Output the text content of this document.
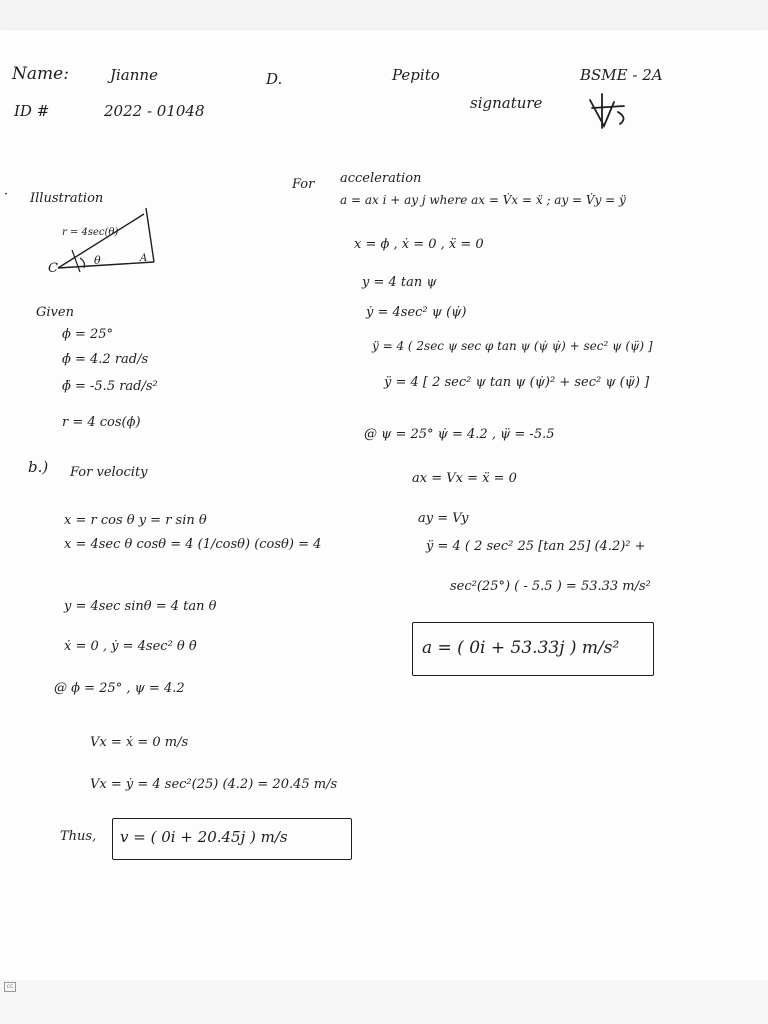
Name:	Jianne	D.	Pepito	BSME - 2A
ID #	2022 - 01048	signature
· Illustration
r = 4sec(θ)
C
θ	A
Given
ϕ = 25°
ϕ̇ = 4.2 rad/s
ϕ̈ = -5.5 rad/s²
r = 4 cos(ϕ)
b.) For velocity
x = r cos θ y = r sin θ
x = 4sec θ cosθ = 4 (1/cosθ) (cosθ) = 4
y = 4sec sinθ = 4 tan θ
ẋ = 0 , ẏ = 4sec² θ θ̇
@ ϕ = 25° , ψ = 4.2
Vx = ẋ = 0 m/s
Vx = ẏ = 4 sec²(25) (4.2) = 20.45 m/s
Thus, v = ( 0i + 20.45j ) m/s
For acceleration
a = ax i + ay j where ax = V̇x = ẍ ; ay = V̇y = ÿ
x = ϕ , ẋ = 0 , ẍ = 0
y = 4 tan ψ
ẏ = 4sec² ψ (ψ̇)
ÿ = 4 ( 2sec ψ sec φ tan ψ (ψ̇ ψ̇) + sec² ψ (ψ̈) ]
ÿ = 4 [ 2 sec² ψ tan ψ (ψ̇)² + sec² ψ (ψ̈) ]
@ ψ = 25° ψ̇ = 4.2 , ψ̈ = -5.5
ax = Vx = ẍ = 0
ay = Vy
ÿ = 4 ( 2 sec² 25 [tan 25] (4.2)² +
sec²(25°) ( - 5.5 ) = 53.33 m/s²
a = ( 0i + 53.33j ) m/s²
cc
